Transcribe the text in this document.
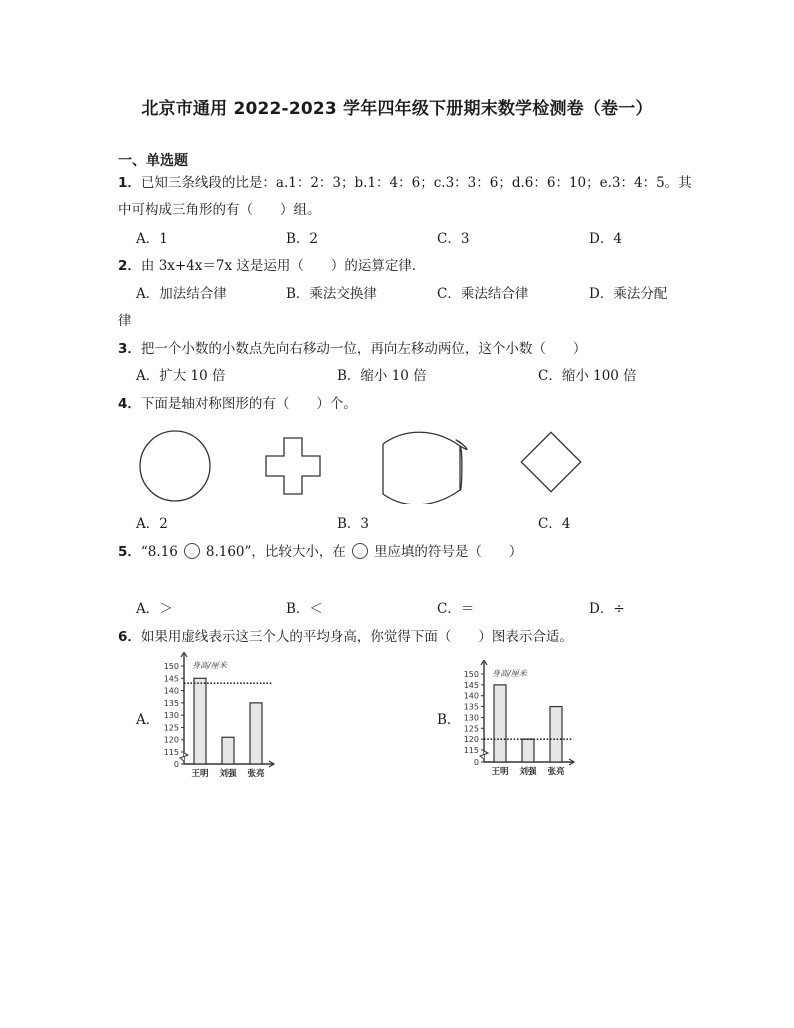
北京市通用 2022-2023 学年四年级下册期末数学检测卷（卷一）
一、单选题
1．已知三条线段的比是：a.1：2：3；b.1：4：6；c.3：3：6；d.6：6：10；e.3：4：5。其
中可构成三角形的有（　　）组。
A．1	B．2	C．3	D．4
2．由 3x+4x＝7x 这是运用（　　）的运算定律．
A．加法结合律	B．乘法交换律	C．乘法结合律	D．乘法分配
律
3．把一个小数的小数点先向右移动一位，再向左移动两位，这个小数（　　）
A．扩大 10 倍	B．缩小 10 倍	C．缩小 100 倍
4．下面是轴对称图形的有（　　）个。
A．2	B．3	C．4
5．“8.16 8.160”，比较大小，在 里应填的符号是（　　）
A．＞	B．＜	C．＝	D．÷
6．如果用虚线表示这三个人的平均身高，你觉得下面（　　）图表示合适。
A．
0
115
120
125
130
135
140
145
150 身高/厘米
王明 刘强 张亮
B．
0
115
120
125
130
135
140
145
150 身高/厘米
王明 刘强 张亮
